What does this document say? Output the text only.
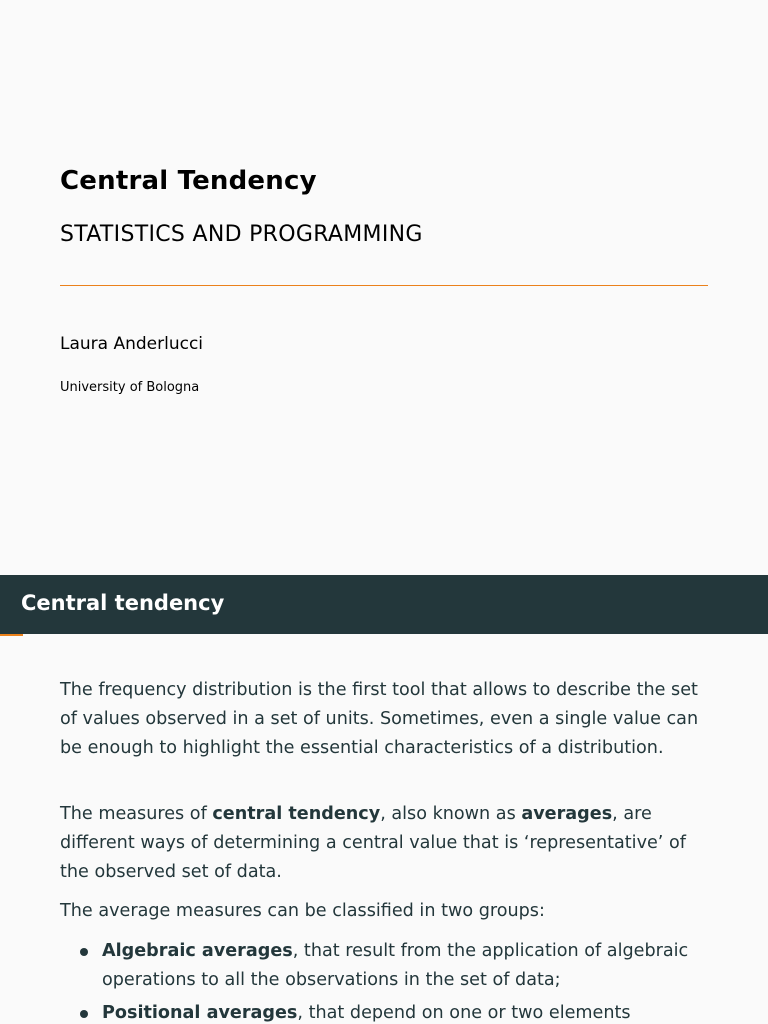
Central Tendency
STATISTICS AND PROGRAMMING
Laura Anderlucci
University of Bologna
Central tendency

The frequency distribution is the first tool that allows to describe the set of values observed in a set of units. Sometimes, even a single value can be enough to highlight the essential characteristics of a distribution.

The measures of central tendency, also known as averages, are different ways of determining a central value that is ‘representative’ of the observed set of data.

The average measures can be classified in two groups:

Algebraic averages, that result from the application of algebraic operations to all the observations in the set of data;
Positional averages, that depend on one or two elements
